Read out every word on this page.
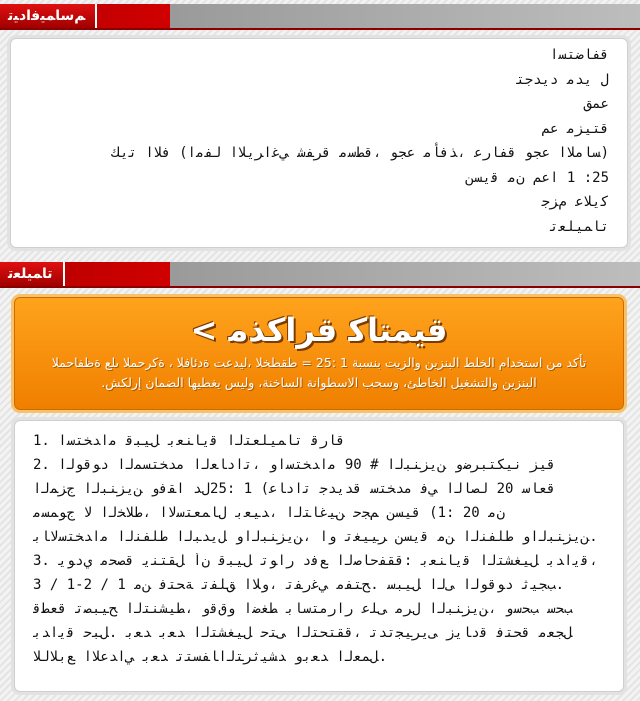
ﻢﺳﺎﻤﻴﻓﺍﺩﻴﺗ
ﻗﻔﺎﺿﺘﺴﺍ
ﻝ ﻳﺪﻣ ﺩﻳﺪﺟﺘ
ﻋﻤﻖ
ﻗﺘﻴﺰﻣ ﻋﻢ
(ﺴﺎﻣﻼﺍ ﻋﺠﻮ ﻗﻔﺎﺭﻋ ،ﺬﻓﺄﻣ ﻋﺠﻮ ،ﻗﻄﺳﻣ ﻗﺮﻔﺷ ﻲﻏﺍﺮﻳﻼﺍ ﻟﻔﻣﺍ) ﻓﻼﺍ ﺗﻳﻚ
25: 1 ﺍﻋﻢ ﻥﻣ ﻗﻳﺴﻦ
ﻛﻳﻼﻋ ﻡﺰﺟ
ﺗﺎﻤﻴﻠﻌﺗ
ﺗﺎﻤﻴﻠﻌﺗ
< ﻗﻴﻤﺘﺎﻛ ﻗﺮﺍﻛﺬﻣ
تأكد من استخدام الخلط البنزين والزيت بنسبة 1 :25 = طقطخلا ،ليدعت ةدئافلا ، ةكرحملا ىلع ةظفاحملا
البنزين والتشغيل الخاطئ، وسحب الاسطوانة الساخنة، وليس يغطيها الضمان إرلكش.
1. ﻗﺎﺭﻗ ﺗﺎﻤﻴﻠﻌﺘﻟﺍ ﻗﻳﺎﻨﻌﺑ ﻞﻴﺒﻗ ﻣﺍﺪﺨﺘﺳﺍ
2. ﻗﻴﺰ ﻧﻴﻜﺘﺒﺮﺿﻭ ﻦﻳﺰﻨﺒﻟﺍ # 90 ﻣﺍﺪﺨﺘﺳﺍﻭ ،ﺗﺍﺩﺎﻌﻟﺍ ﻣﺪﺨﺘﺴﻤﻟﺍ ﺩﻮﻗﻮﻟﺍ
ﻗﻌﺎﺳ 20 ﻟﺼﺎﻟﺍ ﻲﻓ ﻣﺪﺨﺘﺳ ﻗﺪﻳﺪﺟ ﺗﺍﺩﺎﻋ) 1 :25ﻝﺪ ﺍﻘﻓﻭ ﻦﻳﺰﻨﺒﻟﺍ ﺝﺰﻤﻟﺍ
ﻥﻣ 20 :1) ﻗﻴﺴﻦ ﻢﺠﺣ ﻦﻴﻏﺎﺘﻟﺍ ،ﺪﻴﻌﺑ ﻝﺎﻤﻌﺘﺳﻻﺍ ،ﻃﻼﺨﻟﺍ ﻻ ﺝﻮﻤﺴﻣ
ﻦﻳﺰﻨﺒﻟﺍﻭ ﻁﻠﻔﻨﻟﺍ ﻦﻣ ﻗﻳﺴﻦ ﺮﻴﻴﻐﺗ ﻭﺍ ،ﻦﻳﺰﻨﺒﻟﺍﻭ ﻞﻳﺪﺒﻟﺍ ﻁﻠﻔﻨﻟﺍ ﻣﺍﺪﺨﺘﺳﻻﺎﺑ.
3. ﻗﻳﺍﺪﺑ ﻞﻴﻐﺸﺘﻟﺍ ﻗﻳﺎﻨﻌﺑ :ﻗﻘﻔﺣﺎﺻﻟﺍ ﻊﻓﺩ ﺭﺍﻮﺗ ﻞﻴﺒﻗ ﻥﺃ ﻞﻘﺘﻨﻳ ﻗﺼﺤﻣ ﻱﺩﻮﻳ،
ﺐﺠﻴﺛ ﺩﻮﻗﻮﻟﺍ ﻰﻟﺍ ﻞﻴﺒﺳ .ﺢﺘﻔﻣ ﻲﻏﺭﻔﺗ ،ﻭﻼﺍ ﻖﻠﻔﺗ ﺔﺤﺘﻓ ﻦﻣ 1 / 2-1 / 3.
ﺐﺤﺳ ﺐﺤﺳﻭ ،ﻦﻳﺰﻨﺒﻟﺍ ﻝﺮﻣ ﻰﻠﻋ ﺭﺍﺭﻣﺘﺳﺎﺑ ﻂﻐﺿﺍ ﻭﻕﻗﻭ ،ﻂﻴﺸﻨﺘﻟﺍ ﺢﻴﺒﺼﺗ ﻗﻌﻄﻗ
ﻞﺠﻌﻣ ﻗﺤﺘﻓ ﻗﺩﺎﻳﺯ ﻰﻳﺮﻴﺠﺗﺪﺗ ،ﻗﻘﺘﺤﺘﻟﺍ ﻰﺘﺣ ﻞﻴﻐﺸﺘﻟﺍ ﺪﻌﺑ ﺪﻌﺑ .ﻞﺒﺣ ﻗﻳﺍﺪﺑ
ﻞﻤﻌﻟﺍ ﺪﻌﺑﻭ ﺪﺸﻴﺛﺮﺘﻟﺍﺎﻔﺴﺘﺗ ﺪﻌﺑ ﻲﺍﺪﻋﻼﺍ ﻊﺑﻼﻟﻼ.
